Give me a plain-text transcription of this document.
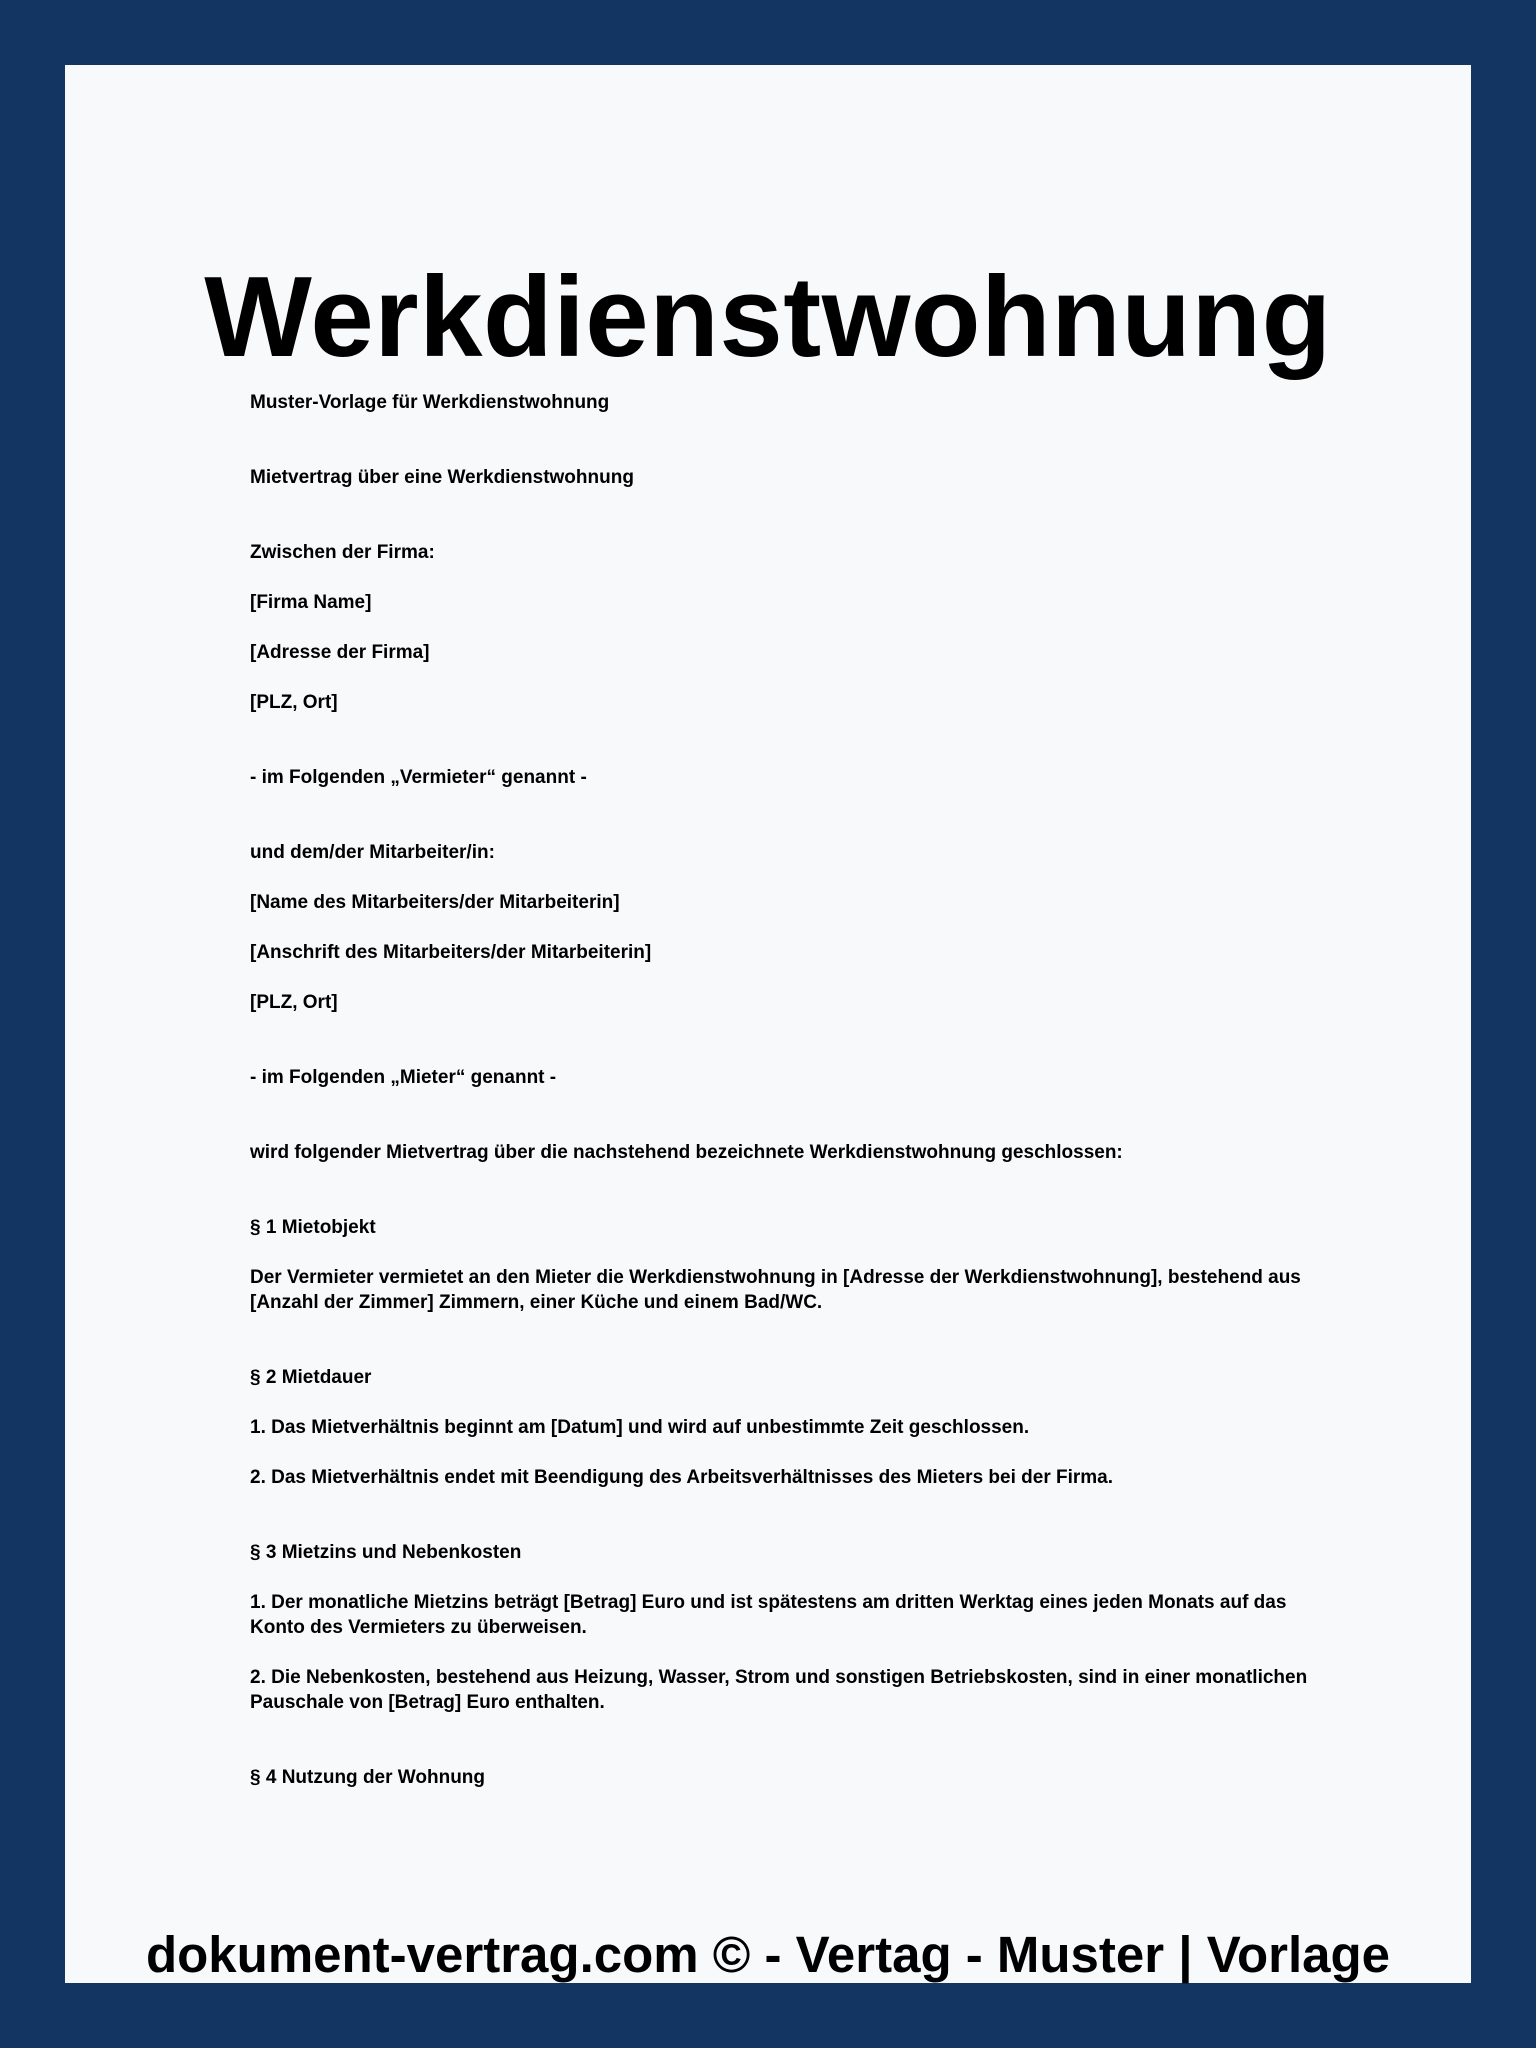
Werkdienstwohnung
Muster-Vorlage für Werkdienstwohnung
Mietvertrag über eine Werkdienstwohnung
Zwischen der Firma:
[Firma Name]
[Adresse der Firma]
[PLZ, Ort]
- im Folgenden „Vermieter“ genannt -
und dem/der Mitarbeiter/in:
[Name des Mitarbeiters/der Mitarbeiterin]
[Anschrift des Mitarbeiters/der Mitarbeiterin]
[PLZ, Ort]
- im Folgenden „Mieter“ genannt -
wird folgender Mietvertrag über die nachstehend bezeichnete Werkdienstwohnung geschlossen:
§ 1 Mietobjekt
Der Vermieter vermietet an den Mieter die Werkdienstwohnung in [Adresse der Werkdienstwohnung], bestehend aus [Anzahl der Zimmer] Zimmern, einer Küche und einem Bad/WC.
§ 2 Mietdauer
1. Das Mietverhältnis beginnt am [Datum] und wird auf unbestimmte Zeit geschlossen.
2. Das Mietverhältnis endet mit Beendigung des Arbeitsverhältnisses des Mieters bei der Firma.
§ 3 Mietzins und Nebenkosten
1. Der monatliche Mietzins beträgt [Betrag] Euro und ist spätestens am dritten Werktag eines jeden Monats auf das Konto des Vermieters zu überweisen.
2. Die Nebenkosten, bestehend aus Heizung, Wasser, Strom und sonstigen Betriebskosten, sind in einer monatlichen Pauschale von [Betrag] Euro enthalten.
§ 4 Nutzung der Wohnung
dokument-vertrag.com © - Vertag - Muster | Vorlage
